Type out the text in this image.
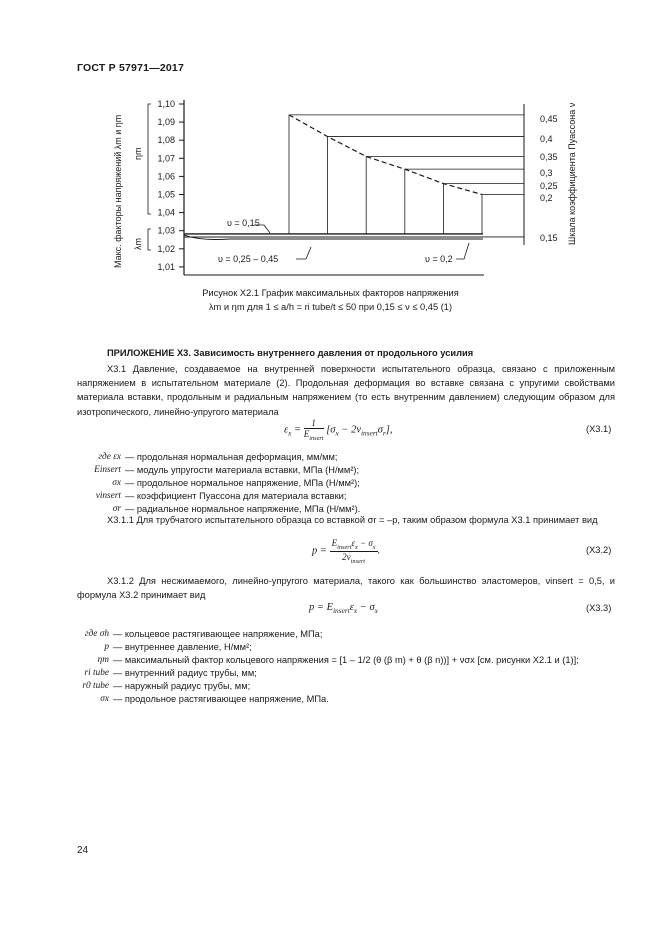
ГОСТ Р 57971—2017
1,10
1,09
1,08
1,07
1,06
1,05
1,04
1,03
1,02
1,01
Макс. факторы напряжений λm и ηm ηm
λm	Шкала коэффициента Пуассона ν
0,45
0,4
0,35
0,3
0,25
0,2
0,15
υ = 0,15
υ = 0,25 – 0,45	υ = 0,2
Рисунок X2.1 График максимальных факторов напряжения
λm и ηm для 1 ≤ a/h = ri tube/t ≤ 50 при 0,15 ≤ ν ≤ 0,45 (1)
ПРИЛОЖЕНИЕ X3. Зависимость внутреннего давления от продольного усилия
X3.1 Давление, создаваемое на внутренней поверхности испытательного образца, связано с приложенным напряжением в испытательном материале (2). Продольная деформация во вставке связана с упругими свойствами материала вставки, продольным и радиальным напряжением (то есть внутренним давлением) следующим образом для изотропического, линейно-упругого материала
$\varepsilon_x$ =
1
$E_{insert}$
$[\sigma_x - 2\nu_{insert}\sigma_r]$,	(X3.1)
где εx — продольная нормальная деформация, мм/мм;
Einsert — модуль упругости материала вставки, МПа (Н/мм²);
σx — продольное нормальное напряжение, МПа (Н/мм²);
νinsert — коэффициент Пуассона для материала вставки;
σr — радиальное нормальное напряжение, МПа (Н/мм²).
X3.1.1 Для трубчатого испытательного образца со вставкой σr = –p, таким образом формула X3.1 принимает вид
p =
$E_{insert}\varepsilon_x - \sigma_x$
$2\nu_{insert}$
.	(X3.2)
X3.1.2 Для несжимаемого, линейно-упругого материала, такого как большинство эластомеров, νinsert = 0,5, и формула X3.2 принимает вид
$p = E_{insert}\varepsilon_x - \sigma_x$	(X3.3)
где σh — кольцевое растягивающее напряжение, МПа;
p — внутреннее давление, Н/мм²;
ηm — максимальный фактор кольцевого напряжения = [1 – 1/2 (θ (β m) + θ (β n))] + νσx [см. рисунки X2.1 и (1)];
ri tube — внутренний радиус трубы, мм;
r0 tube — наружный радиус трубы, мм;
σx — продольное растягивающее напряжение, МПа.
24
